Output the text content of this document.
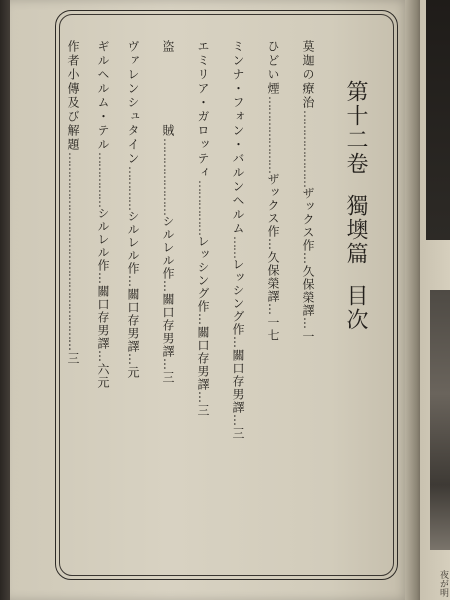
第十二卷獨墺篇目次
莫迦の療治…………………ザックス作…久保榮譯…一
ひどい煙…………………ザックス作…久保榮譯…一七
ミンナ・フォン・バルンヘルム……レッシング作…關口存男譯…三
エミリア・ガロッティ……………レッシング作…關口存男譯…三
盗賊…………………シルレル作…關口存男譯…三
ヴァレンシュタイン…………シルレル作…關口存男譯…元
ギルヘルム・テル……………シルレル作…關口存男譯…六元
作者小傳及び解題………………………………………………三
夜が明
